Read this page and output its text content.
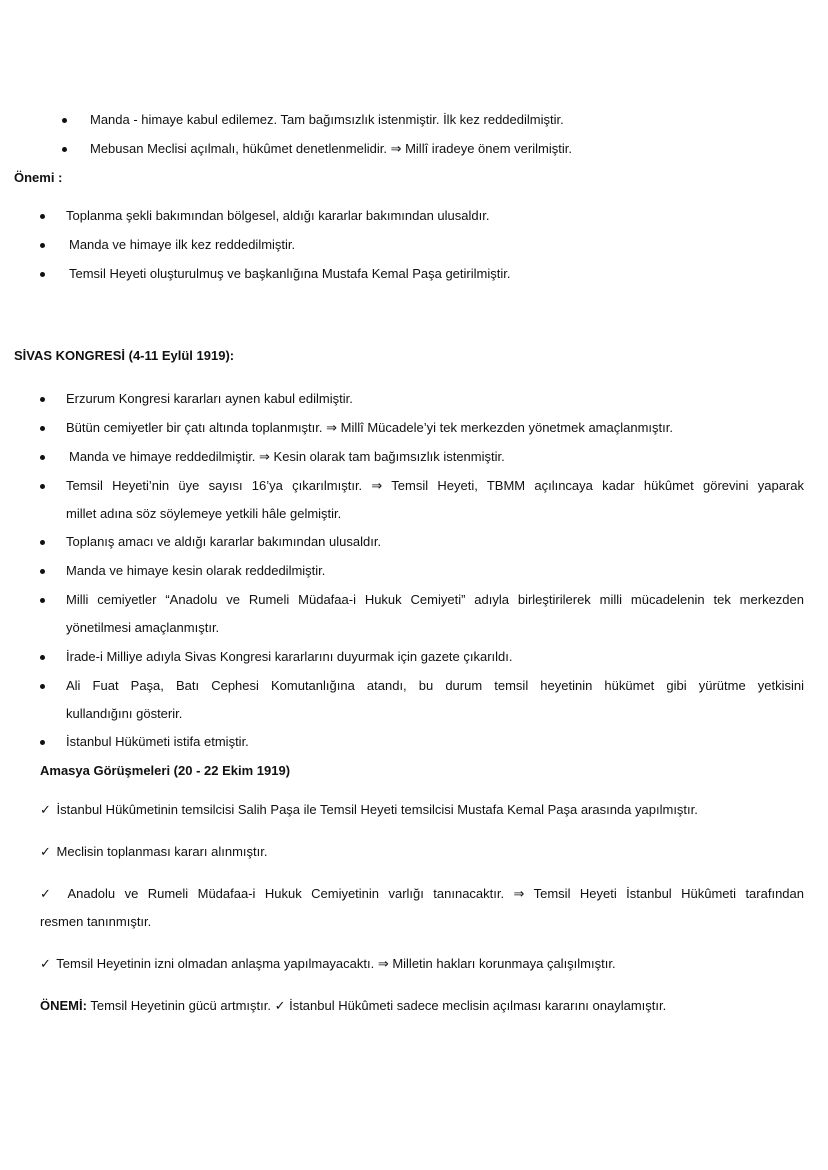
Manda - himaye kabul edilemez. Tam bağımsızlık istenmiştir. İlk kez reddedilmiştir.
Mebusan Meclisi açılmalı, hükûmet denetlenmelidir. ⇒ Millî iradeye önem verilmiştir.
Önemi :
Toplanma şekli bakımından bölgesel, aldığı kararlar bakımından ulusaldır.
Manda ve himaye ilk kez reddedilmiştir.
Temsil Heyeti oluşturulmuş ve başkanlığına Mustafa Kemal Paşa getirilmiştir.
SİVAS KONGRESİ (4-11 Eylül 1919):
Erzurum Kongresi kararları aynen kabul edilmiştir.
Bütün cemiyetler bir çatı altında toplanmıştır. ⇒ Millî Mücadele’yi tek merkezden yönetmek amaçlanmıştır.
Manda ve himaye reddedilmiştir. ⇒ Kesin olarak tam bağımsızlık istenmiştir.
Temsil Heyeti’nin üye sayısı 16’ya çıkarılmıştır. ⇒ Temsil Heyeti, TBMM açılıncaya kadar hükûmet görevini yaparak
millet adına söz söylemeye yetkili hâle gelmiştir.
Toplanış amacı ve aldığı kararlar bakımından ulusaldır.
Manda ve himaye kesin olarak reddedilmiştir.
Milli cemiyetler “Anadolu ve Rumeli Müdafaa-i Hukuk Cemiyeti” adıyla birleştirilerek milli mücadelenin tek merkezden
yönetilmesi amaçlanmıştır.
İrade-i Milliye adıyla Sivas Kongresi kararlarını duyurmak için gazete çıkarıldı.
Ali Fuat Paşa, Batı Cephesi Komutanlığına atandı, bu durum temsil heyetinin hükümet gibi yürütme yetkisini
kullandığını gösterir.
İstanbul Hükümeti istifa etmiştir.
Amasya Görüşmeleri (20 - 22 Ekim 1919)
✓ İstanbul Hükûmetinin temsilcisi Salih Paşa ile Temsil Heyeti temsilcisi Mustafa Kemal Paşa arasında yapılmıştır.
✓ Meclisin toplanması kararı alınmıştır.
✓ Anadolu ve Rumeli Müdafaa-i Hukuk Cemiyetinin varlığı tanınacaktır. ⇒ Temsil Heyeti İstanbul Hükûmeti tarafından
resmen tanınmıştır.
✓ Temsil Heyetinin izni olmadan anlaşma yapılmayacaktı. ⇒ Milletin hakları korunmaya çalışılmıştır.
ÖNEMİ: Temsil Heyetinin gücü artmıştır. ✓ İstanbul Hükûmeti sadece meclisin açılması kararını onaylamıştır.
